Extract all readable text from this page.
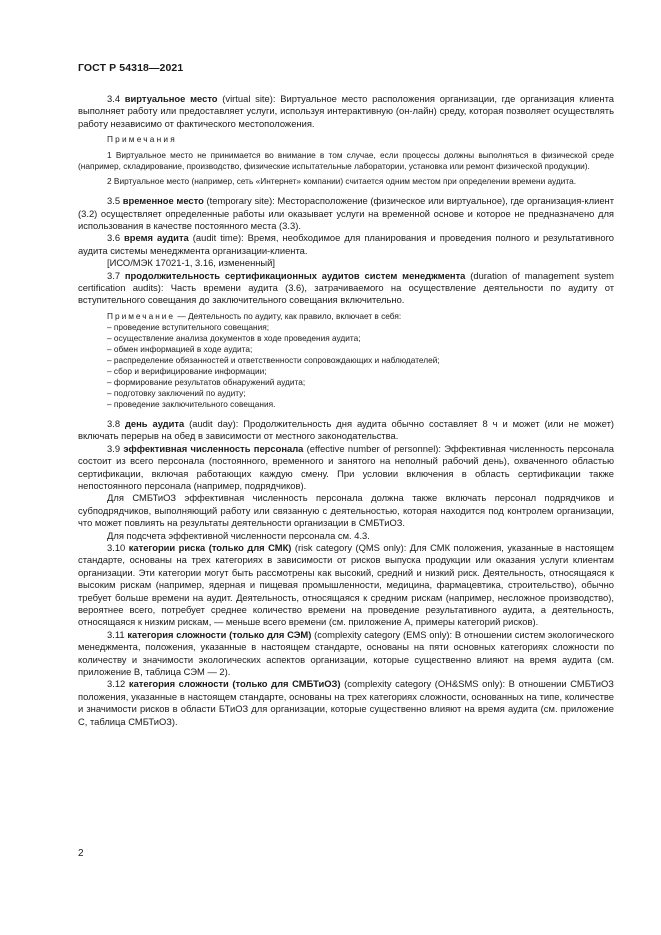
ГОСТ Р 54318—2021

3.4 виртуальное место (virtual site): Виртуальное место расположения организации, где организация клиента выполняет работу или предоставляет услуги, используя интерактивную (он-лайн) среду, которая позволяет осуществлять работу независимо от фактического местоположения.

Примечания

1 Виртуальное место не принимается во внимание в том случае, если процессы должны выполняться в физической среде (например, складирование, производство, физические испытательные лаборатории, установка или ремонт физической продукции).

2 Виртуальное место (например, сеть «Интернет» компании) считается одним местом при определении времени аудита.

3.5 временное место (temporary site): Месторасположение (физическое или виртуальное), где организация-клиент (3.2) осуществляет определенные работы или оказывает услуги на временной основе и которое не предназначено для использования в качестве постоянного места (3.3).

3.6 время аудита (audit time): Время, необходимое для планирования и проведения полного и результативного аудита системы менеджмента организации-клиента.

[ИСО/МЭК 17021-1, 3.16, измененный]

3.7 продолжительность сертификационных аудитов систем менеджмента (duration of management system certification audits): Часть времени аудита (3.6), затрачиваемого на осуществление деятельности по аудиту от вступительного совещания до заключительного совещания включительно.

Примечание — Деятельность по аудиту, как правило, включает в себя:

– проведение вступительного совещания;
– осуществление анализа документов в ходе проведения аудита;
– обмен информацией в ходе аудита;
– распределение обязанностей и ответственности сопровождающих и наблюдателей;
– сбор и верифицирование информации;
– формирование результатов обнаружений аудита;
– подготовку заключений по аудиту;
– проведение заключительного совещания.

3.8 день аудита (audit day): Продолжительность дня аудита обычно составляет 8 ч и может (или не может) включать перерыв на обед в зависимости от местного законодательства.

3.9 эффективная численность персонала (effective number of personnel): Эффективная численность персонала состоит из всего персонала (постоянного, временного и занятого на неполный рабочий день), охваченного областью сертификации, включая работающих каждую смену. При условии включения в область сертификации также непостоянного персонала (например, подрядчиков).

Для СМБТиОЗ эффективная численность персонала должна также включать персонал подрядчиков и субподрядчиков, выполняющий работу или связанную с деятельностью, которая находится под контролем организации, что может повлиять на результаты деятельности организации в СМБТиОЗ.

Для подсчета эффективной численности персонала см. 4.3.

3.10 категории риска (только для СМК) (risk category (QMS only): Для СМК положения, указанные в настоящем стандарте, основаны на трех категориях в зависимости от рисков выпуска продукции или оказания услуги клиентам организации. Эти категории могут быть рассмотрены как высокий, средний и низкий риск. Деятельность, относящаяся к высоким рискам (например, ядерная и пищевая промышленности, медицина, фармацевтика, строительство), обычно требует больше времени на аудит. Деятельность, относящаяся к средним рискам (например, несложное производство), вероятнее всего, потребует среднее количество времени на проведение результативного аудита, а деятельность, относящаяся к низким рискам, — меньше всего времени (см. приложение А, примеры категорий рисков).

3.11 категория сложности (только для СЭМ) (complexity category (EMS only): В отношении систем экологического менеджмента, положения, указанные в настоящем стандарте, основаны на пяти основных категориях сложности по количеству и значимости экологических аспектов организации, которые существенно влияют на время аудита (см. приложение В, таблица СЭМ — 2).

3.12 категория сложности (только для СМБТиОЗ) (complexity category (OH&SMS only): В отношении СМБТиОЗ положения, указанные в настоящем стандарте, основаны на трех категориях сложности, основанных на типе, количестве и значимости рисков в области БТиОЗ для организации, которые существенно влияют на время аудита (см. приложение С, таблица СМБТиОЗ).

2
